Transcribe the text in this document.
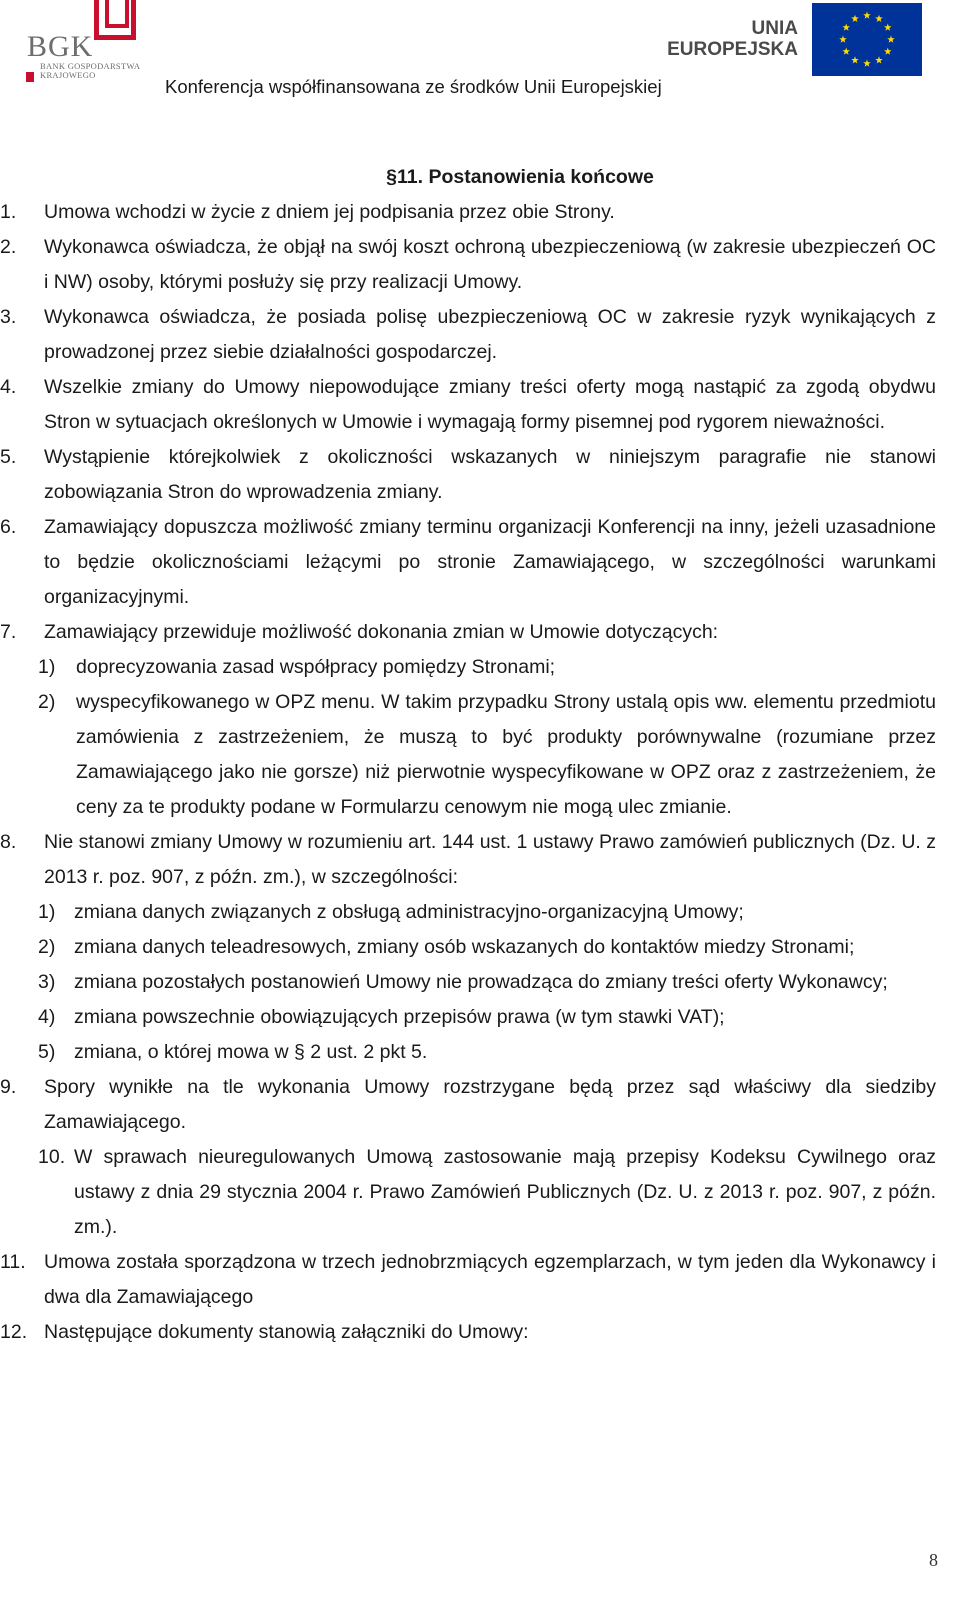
BGK
BANK GOSPODARSTWA
KRAJOWEGO
UNIA
EUROPEJSKA
Konferencja współfinansowana ze środków Unii Europejskiej
§11. Postanowienia końcowe
1. Umowa wchodzi w życie z dniem jej podpisania przez obie Strony.
2. Wykonawca oświadcza, że objął na swój koszt ochroną ubezpieczeniową (w zakresie ubezpieczeń OC i NW) osoby, którymi posłuży się przy realizacji Umowy.
3. Wykonawca oświadcza, że posiada polisę ubezpieczeniową OC w zakresie ryzyk wynikających z prowadzonej przez siebie działalności gospodarczej.
4. Wszelkie zmiany do Umowy niepowodujące zmiany treści oferty mogą nastąpić za zgodą obydwu Stron w sytuacjach określonych w Umowie i wymagają formy pisemnej pod rygorem nieważności.
5. Wystąpienie którejkolwiek z okoliczności wskazanych w niniejszym paragrafie nie stanowi zobowiązania Stron do wprowadzenia zmiany.
6. Zamawiający dopuszcza możliwość zmiany terminu organizacji Konferencji na inny, jeżeli uzasadnione to będzie okolicznościami leżącymi po stronie Zamawiającego, w szczególności warunkami organizacyjnymi.
7. Zamawiający przewiduje możliwość dokonania zmian w Umowie dotyczących:
1) doprecyzowania zasad współpracy pomiędzy Stronami;
2) wyspecyfikowanego w OPZ menu. W takim przypadku Strony ustalą opis ww. elementu przedmiotu zamówienia z zastrzeżeniem, że muszą to być produkty porównywalne (rozumiane przez Zamawiającego jako nie gorsze) niż pierwotnie wyspecyfikowane w OPZ oraz z zastrzeżeniem, że ceny za te produkty podane w Formularzu cenowym nie mogą ulec zmianie.
8. Nie stanowi zmiany Umowy w rozumieniu art. 144 ust. 1 ustawy Prawo zamówień publicznych (Dz. U. z 2013 r. poz. 907, z późn. zm.), w szczególności:
1) zmiana danych związanych z obsługą administracyjno-organizacyjną Umowy;
2) zmiana danych teleadresowych, zmiany osób wskazanych do kontaktów miedzy Stronami;
3) zmiana pozostałych postanowień Umowy nie prowadząca do zmiany treści oferty Wykonawcy;
4) zmiana powszechnie obowiązujących przepisów prawa (w tym stawki VAT);
5) zmiana, o której mowa w § 2 ust. 2 pkt 5.
9. Spory wynikłe na tle wykonania Umowy rozstrzygane będą przez sąd właściwy dla siedziby Zamawiającego.
10. W sprawach nieuregulowanych Umową zastosowanie mają przepisy Kodeksu Cywilnego oraz ustawy z dnia 29 stycznia 2004 r. Prawo Zamówień Publicznych (Dz. U. z 2013 r. poz. 907, z późn. zm.).
11. Umowa została sporządzona w trzech jednobrzmiących egzemplarzach, w tym jeden dla Wykonawcy i dwa dla Zamawiającego
12. Następujące dokumenty stanowią załączniki do Umowy:
8
